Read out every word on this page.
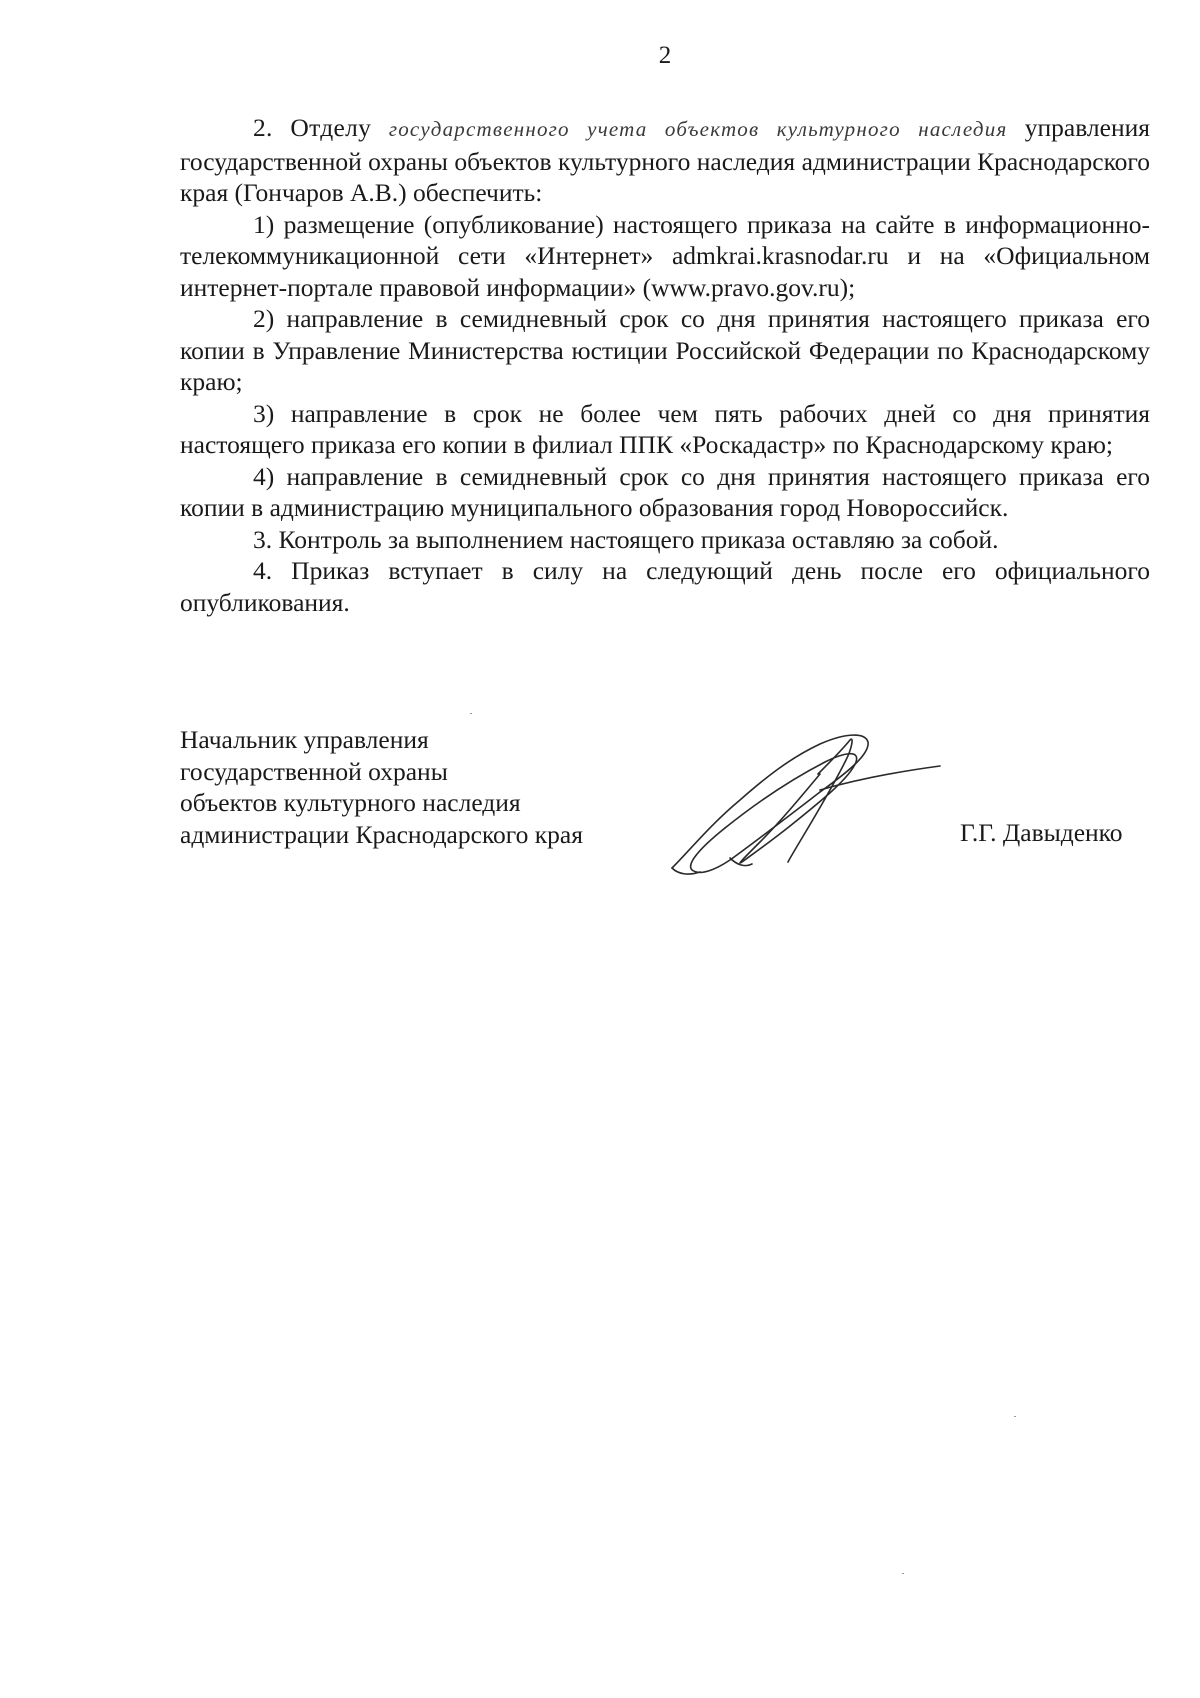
2

2. Отделу государственного учета объектов культурного наследия управления государственной охраны объектов культурного наследия администрации Краснодарского края (Гончаров А.В.) обеспечить:

1) размещение (опубликование) настоящего приказа на сайте в информационно-телекоммуникационной сети «Интернет» admkrai.krasnodar.ru и на «Официальном интернет-портале правовой информации» (www.pravo.gov.ru);

2) направление в семидневный срок со дня принятия настоящего приказа его копии в Управление Министерства юстиции Российской Федерации по Краснодарскому краю;

3) направление в срок не более чем пять рабочих дней со дня принятия настоящего приказа его копии в филиал ППК «Роскадастр» по Краснодарскому краю;

4) направление в семидневный срок со дня принятия настоящего приказа его копии в администрацию муниципального образования город Новороссийск.

3. Контроль за выполнением настоящего приказа оставляю за собой.

4. Приказ вступает в силу на следующий день после его официального опубликования.

Начальник управления
государственной охраны
объектов культурного наследия
администрации Краснодарского края	Г.Г. Давыденко
